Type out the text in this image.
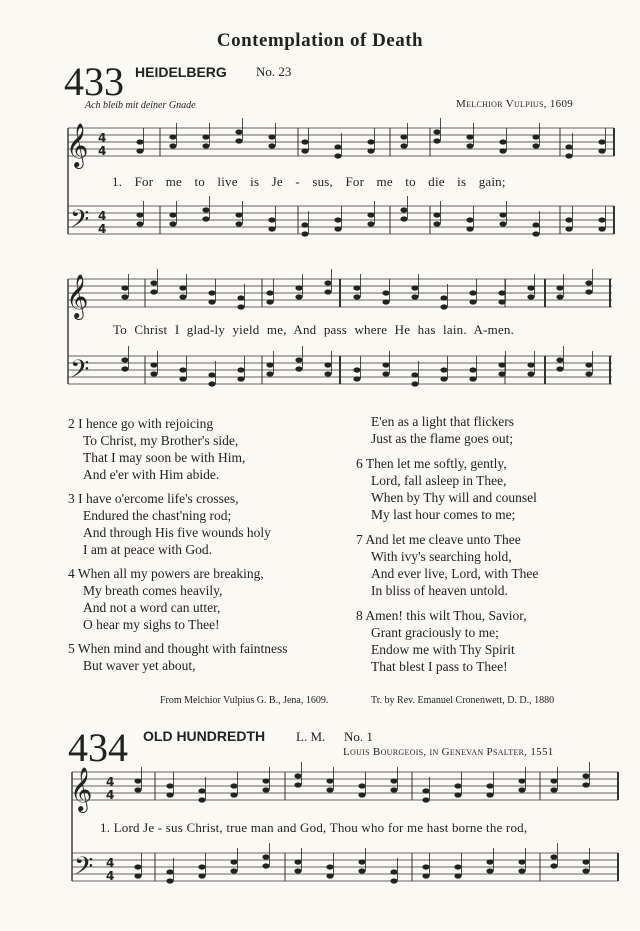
Contemplation of Death
433 HEIDELBERG No. 23
Ach bleib mit deiner Gnade	Melchior Vulpius, 1609
𝄞
𝄢
𝄞
𝄢
𝄞
𝄢
4
4
4
4
4
4
4
4
1. For me to live is Je - sus, For me to die is gain;
To Christ I glad-ly yield me, And pass where He has lain. A-men.
2 I hence go with rejoicing
To Christ, my Brother's side,
That I may soon be with Him,
And e'er with Him abide.
3 I have o'ercome life's crosses,
Endured the chast'ning rod;
And through His five wounds holy
I am at peace with God.
4 When all my powers are breaking,
My breath comes heavily,
And not a word can utter,
O hear my sighs to Thee!
5 When mind and thought with faintness
But waver yet about,
E'en as a light that flickers
Just as the flame goes out;
6 Then let me softly, gently,
Lord, fall asleep in Thee,
When by Thy will and counsel
My last hour comes to me;
7 And let me cleave unto Thee
With ivy's searching hold,
And ever live, Lord, with Thee
In bliss of heaven untold.
8 Amen! this wilt Thou, Savior,
Grant graciously to me;
Endow me with Thy Spirit
That blest I pass to Thee!
From Melchior Vulpius G. B., Jena, 1609.	Tr. by Rev. Emanuel Cronenwett, D. D., 1880
434 OLD HUNDREDTH L. M. No. 1
Louis Bourgeois, in Genevan Psalter, 1551
1. Lord Je - sus Christ, true man and God, Thou who for me hast borne the rod,
